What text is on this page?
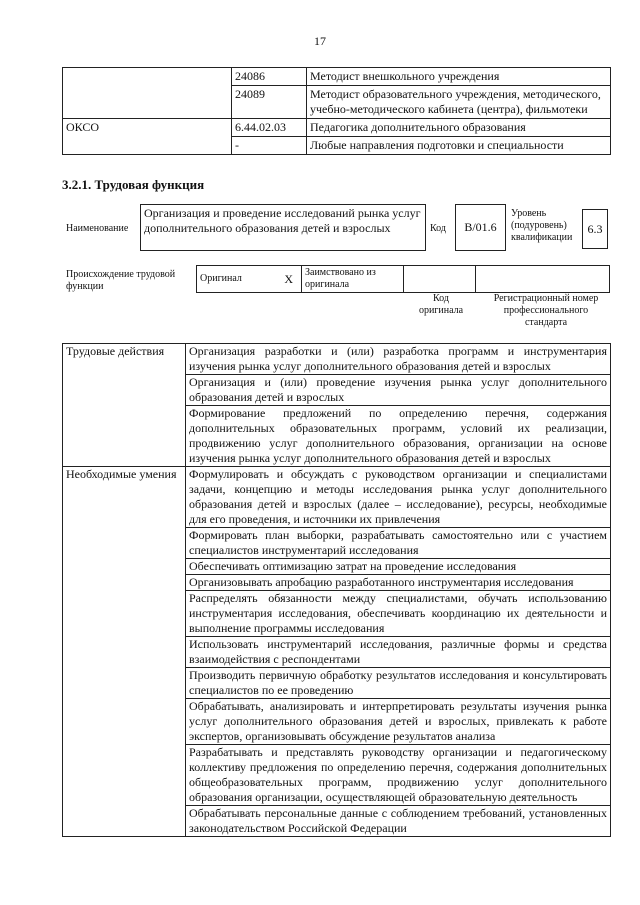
17
	24086	Методист внешкольного учреждения
	24089	Методист образовательного учреждения, методического, учебно-методического кабинета (центра), фильмотеки
ОКСО	6.44.02.03	Педагогика дополнительного образования
	-	Любые направления подготовки и специальности
3.2.1. Трудовая функция
Наименование
Организация и проведение исследований рынка услуг дополнительного образования детей и взрослых	Код	B/01.6
Уровень (подуровень) квалификации
6.3
Происхождение трудовой функции
Оригинал	X	Заимствовано из оригинала		
Код оригинала
Регистрационный номер профессионального стандарта
Трудовые действия	Организация разработки и (или) разработка программ и инструментария изучения рынка услуг дополнительного образования детей и взрослых
	Организация и (или) проведение изучения рынка услуг дополнительного образования детей и взрослых
	Формирование предложений по определению перечня, содержания дополнительных образовательных программ, условий их реализации, продвижению услуг дополнительного образования, организации на основе изучения рынка услуг дополнительного образования детей и взрослых
Необходимые умения	Формулировать и обсуждать с руководством организации и специалистами задачи, концепцию и методы исследования рынка услуг дополнительного образования детей и взрослых (далее – исследование), ресурсы, необходимые для его проведения, и источники их привлечения
	Формировать план выборки, разрабатывать самостоятельно или с участием специалистов инструментарий исследования
	Обеспечивать оптимизацию затрат на проведение исследования
	Организовывать апробацию разработанного инструментария исследования
	Распределять обязанности между специалистами, обучать использованию инструментария исследования, обеспечивать координацию их деятельности и выполнение программы исследования
	Использовать инструментарий исследования, различные формы и средства взаимодействия с респондентами
	Производить первичную обработку результатов исследования и консультировать специалистов по ее проведению
	Обрабатывать, анализировать и интерпретировать результаты изучения рынка услуг дополнительного образования детей и взрослых, привлекать к работе экспертов, организовывать обсуждение результатов анализа
	Разрабатывать и представлять руководству организации и педагогическому коллективу предложения по определению перечня, содержания дополнительных общеобразовательных программ, продвижению услуг дополнительного образования организации, осуществляющей образовательную деятельность
	Обрабатывать персональные данные с соблюдением требований, установленных законодательством Российской Федерации
